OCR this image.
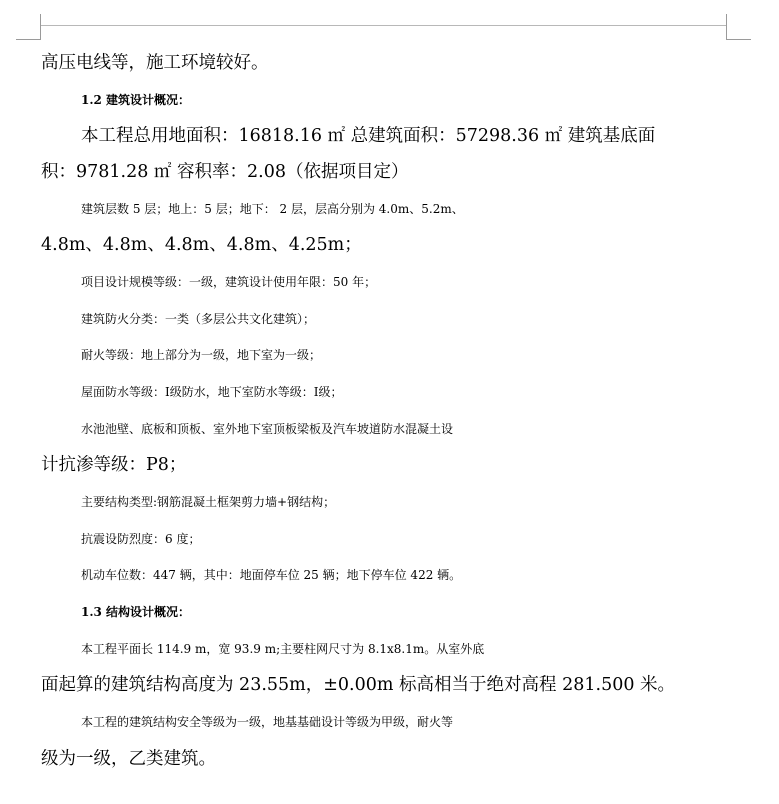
高压电线等，施工环境较好。
1.2 建筑设计概况：
本工程总用地面积：16818.16 ㎡ 总建筑面积：57298.36 ㎡ 建筑基底面
积：9781.28 ㎡ 容积率：2.08（依据项目定）
建筑层数 5 层；地上：5 层；地下： 2 层，层高分别为 4.0m、5.2m、
4.8m、4.8m、4.8m、4.8m、4.25m；
项目设计规模等级：一级，建筑设计使用年限：50 年；
建筑防火分类：一类（多层公共文化建筑）；
耐火等级：地上部分为一级，地下室为一级；
屋面防水等级：Ⅰ级防水，地下室防水等级：Ⅰ级；
水池池壁、底板和顶板、室外地下室顶板梁板及汽车坡道防水混凝土设
计抗渗等级：P8；
主要结构类型:钢筋混凝土框架剪力墙+钢结构；
抗震设防烈度：6 度；
机动车位数：447 辆，其中：地面停车位 25 辆；地下停车位 422 辆。
1.3 结构设计概况：
本工程平面长 114.9 m，宽 93.9 m;主要柱网尺寸为 8.1x8.1m。从室外底
面起算的建筑结构高度为 23.55m，±0.00m 标高相当于绝对高程 281.500 米。
本工程的建筑结构安全等级为一级，地基基础设计等级为甲级，耐火等
级为一级，乙类建筑。
